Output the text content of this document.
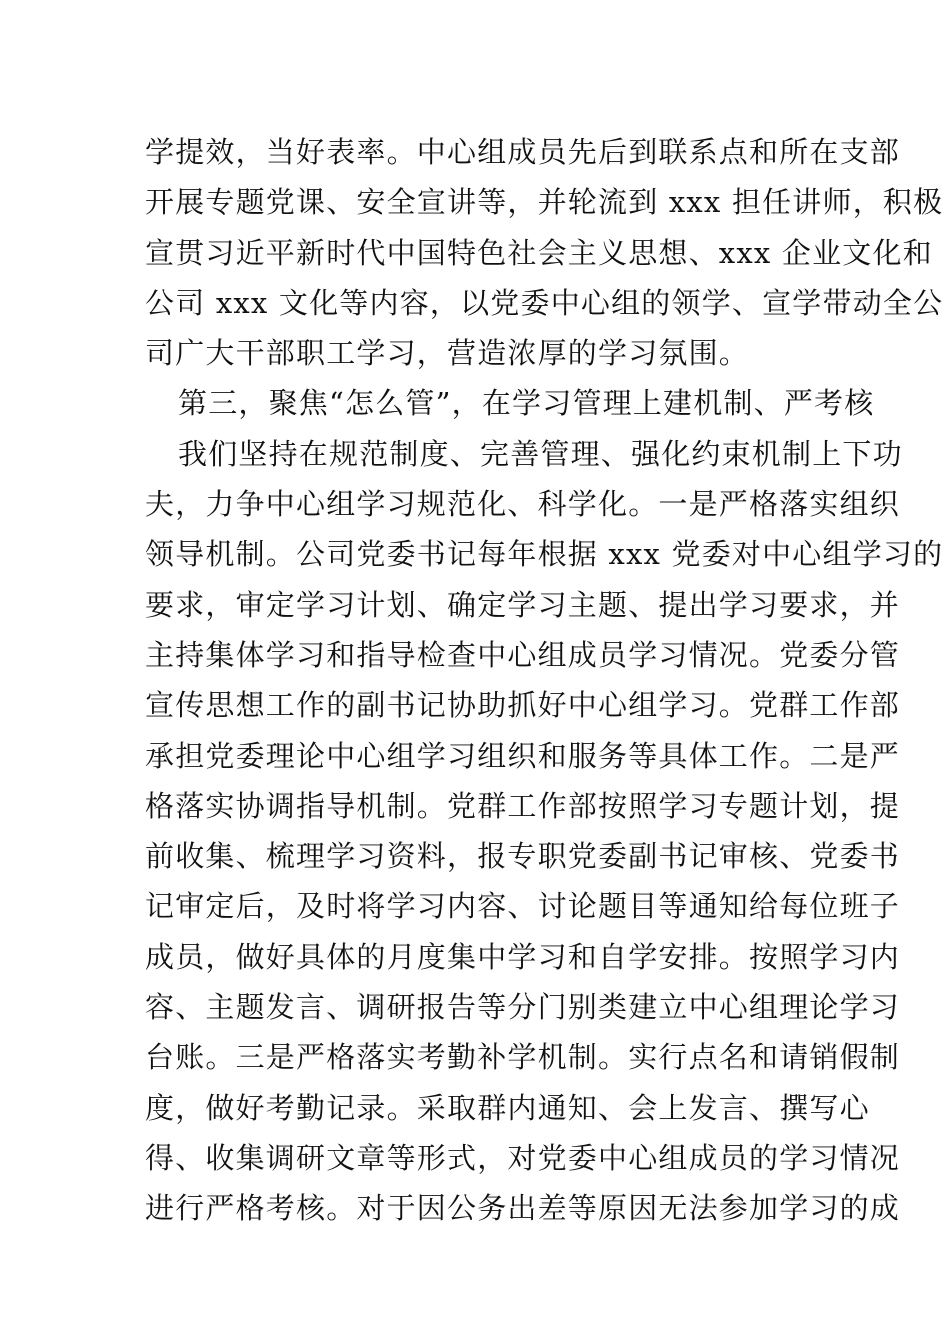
学提效，当好表率。中心组成员先后到联系点和所在支部
开展专题党课、安全宣讲等，并轮流到 xxx 担任讲师，积极
宣贯习近平新时代中国特色社会主义思想、xxx 企业文化和
公司 xxx 文化等内容，以党委中心组的领学、宣学带动全公
司广大干部职工学习，营造浓厚的学习氛围。
第三，聚焦“怎么管”，在学习管理上建机制、严考核
我们坚持在规范制度、完善管理、强化约束机制上下功
夫，力争中心组学习规范化、科学化。一是严格落实组织
领导机制。公司党委书记每年根据 xxx 党委对中心组学习的
要求，审定学习计划、确定学习主题、提出学习要求，并
主持集体学习和指导检查中心组成员学习情况。党委分管
宣传思想工作的副书记协助抓好中心组学习。党群工作部
承担党委理论中心组学习组织和服务等具体工作。二是严
格落实协调指导机制。党群工作部按照学习专题计划，提
前收集、梳理学习资料，报专职党委副书记审核、党委书
记审定后，及时将学习内容、讨论题目等通知给每位班子
成员，做好具体的月度集中学习和自学安排。按照学习内
容、主题发言、调研报告等分门别类建立中心组理论学习
台账。三是严格落实考勤补学机制。实行点名和请销假制
度，做好考勤记录。采取群内通知、会上发言、撰写心
得、收集调研文章等形式，对党委中心组成员的学习情况
进行严格考核。对于因公务出差等原因无法参加学习的成
